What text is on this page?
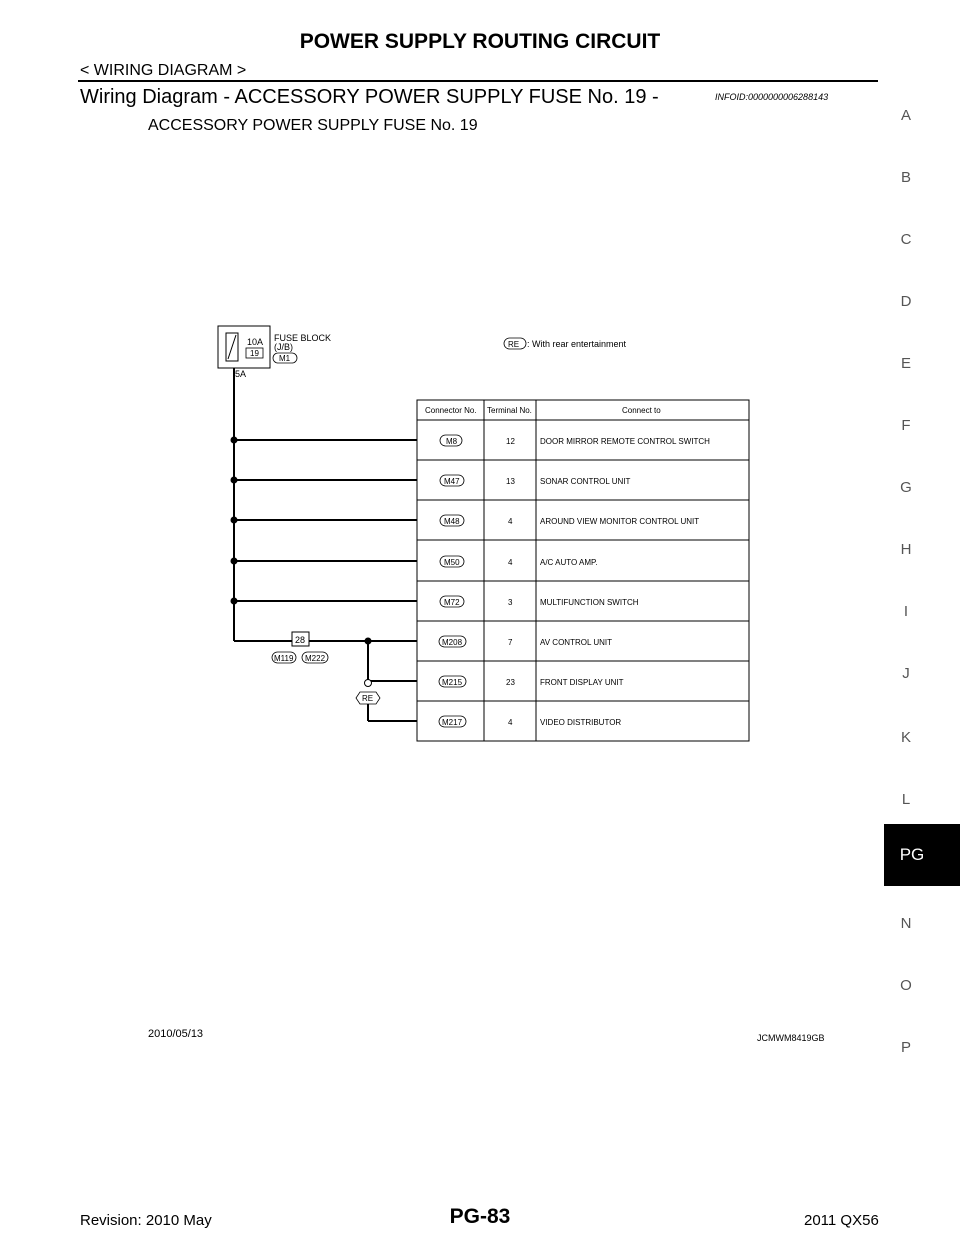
POWER SUPPLY ROUTING CIRCUIT
< WIRING DIAGRAM >
Wiring Diagram - ACCESSORY POWER SUPPLY FUSE No. 19 -	INFOID:0000000006288143
ACCESSORY POWER SUPPLY FUSE No. 19
A
B
C
D
E
F
G
H
I
J
K
L
PG
N
O
P
10A
19
FUSE BLOCK
(J/B)
M1
5A
RE : With rear entertainment
28
M119 M222
RE
Connector No. Terminal No.	Connect to
M8	12	DOOR MIRROR REMOTE CONTROL SWITCH
M47	13	SONAR CONTROL UNIT
M48	4	AROUND VIEW MONITOR CONTROL UNIT
M50	4	A/C AUTO AMP.
M72	3	MULTIFUNCTION SWITCH
M208	7	AV CONTROL UNIT
M215	23	FRONT DISPLAY UNIT
M217	4	VIDEO DISTRIBUTOR
2010/05/13	JCMWM8419GB
Revision: 2010 May	PG-83	2011 QX56
